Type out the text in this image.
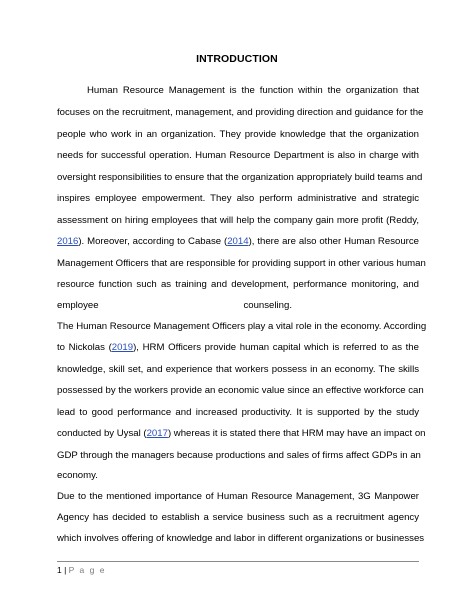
INTRODUCTION
Human Resource Management is the function within the organization that
focuses on the recruitment, management, and providing direction and guidance for the
people who work in an organization. They provide knowledge that the organization
needs for successful operation. Human Resource Department is also in charge with
oversight responsibilities to ensure that the organization appropriately build teams and
inspires employee empowerment. They also perform administrative and strategic
assessment on hiring employees that will help the company gain more profit (Reddy,
2016). Moreover, according to Cabase (2014), there are also other Human Resource
Management Officers that are responsible for providing support in other various human
resource function such as training and development, performance monitoring, and
employee	counseling.
The Human Resource Management Officers play a vital role in the economy. According
to Nickolas (2019), HRM Officers provide human capital which is referred to as the
knowledge, skill set, and experience that workers possess in an economy. The skills
possessed by the workers provide an economic value since an effective workforce can
lead to good performance and increased productivity. It is supported by the study
conducted by Uysal (2017) whereas it is stated there that HRM may have an impact on
GDP through the managers because productions and sales of firms affect GDPs in an
economy.
Due to the mentioned importance of Human Resource Management, 3G Manpower
Agency has decided to establish a service business such as a recruitment agency
which involves offering of knowledge and labor in different organizations or businesses
1 | P a g e
